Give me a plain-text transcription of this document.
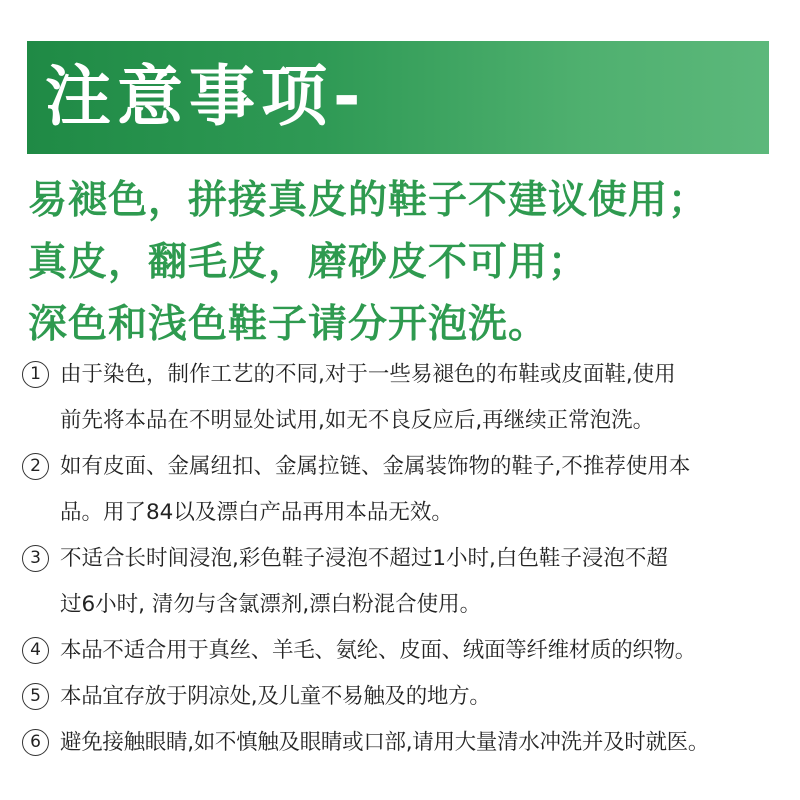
注意事项-
易褪色，拼接真皮的鞋子不建议使用；
真皮，翻毛皮，磨砂皮不可用；
深色和浅色鞋子请分开泡洗。
1 由于染色，制作工艺的不同,对于一些易褪色的布鞋或皮面鞋,使用
前先将本品在不明显处试用,如无不良反应后,再继续正常泡洗。
2 如有皮面、金属纽扣、金属拉链、金属装饰物的鞋子,不推荐使用本
品。用了84以及漂白产品再用本品无效。
3 不适合长时间浸泡,彩色鞋子浸泡不超过1小时,白色鞋子浸泡不超
过6小时, 清勿与含氯漂剂,漂白粉混合使用。
4 本品不适合用于真丝、羊毛、氨纶、皮面、绒面等纤维材质的织物。
5 本品宜存放于阴凉处,及儿童不易触及的地方。
6 避免接触眼睛,如不慎触及眼睛或口部,请用大量清水冲洗并及时就医。
